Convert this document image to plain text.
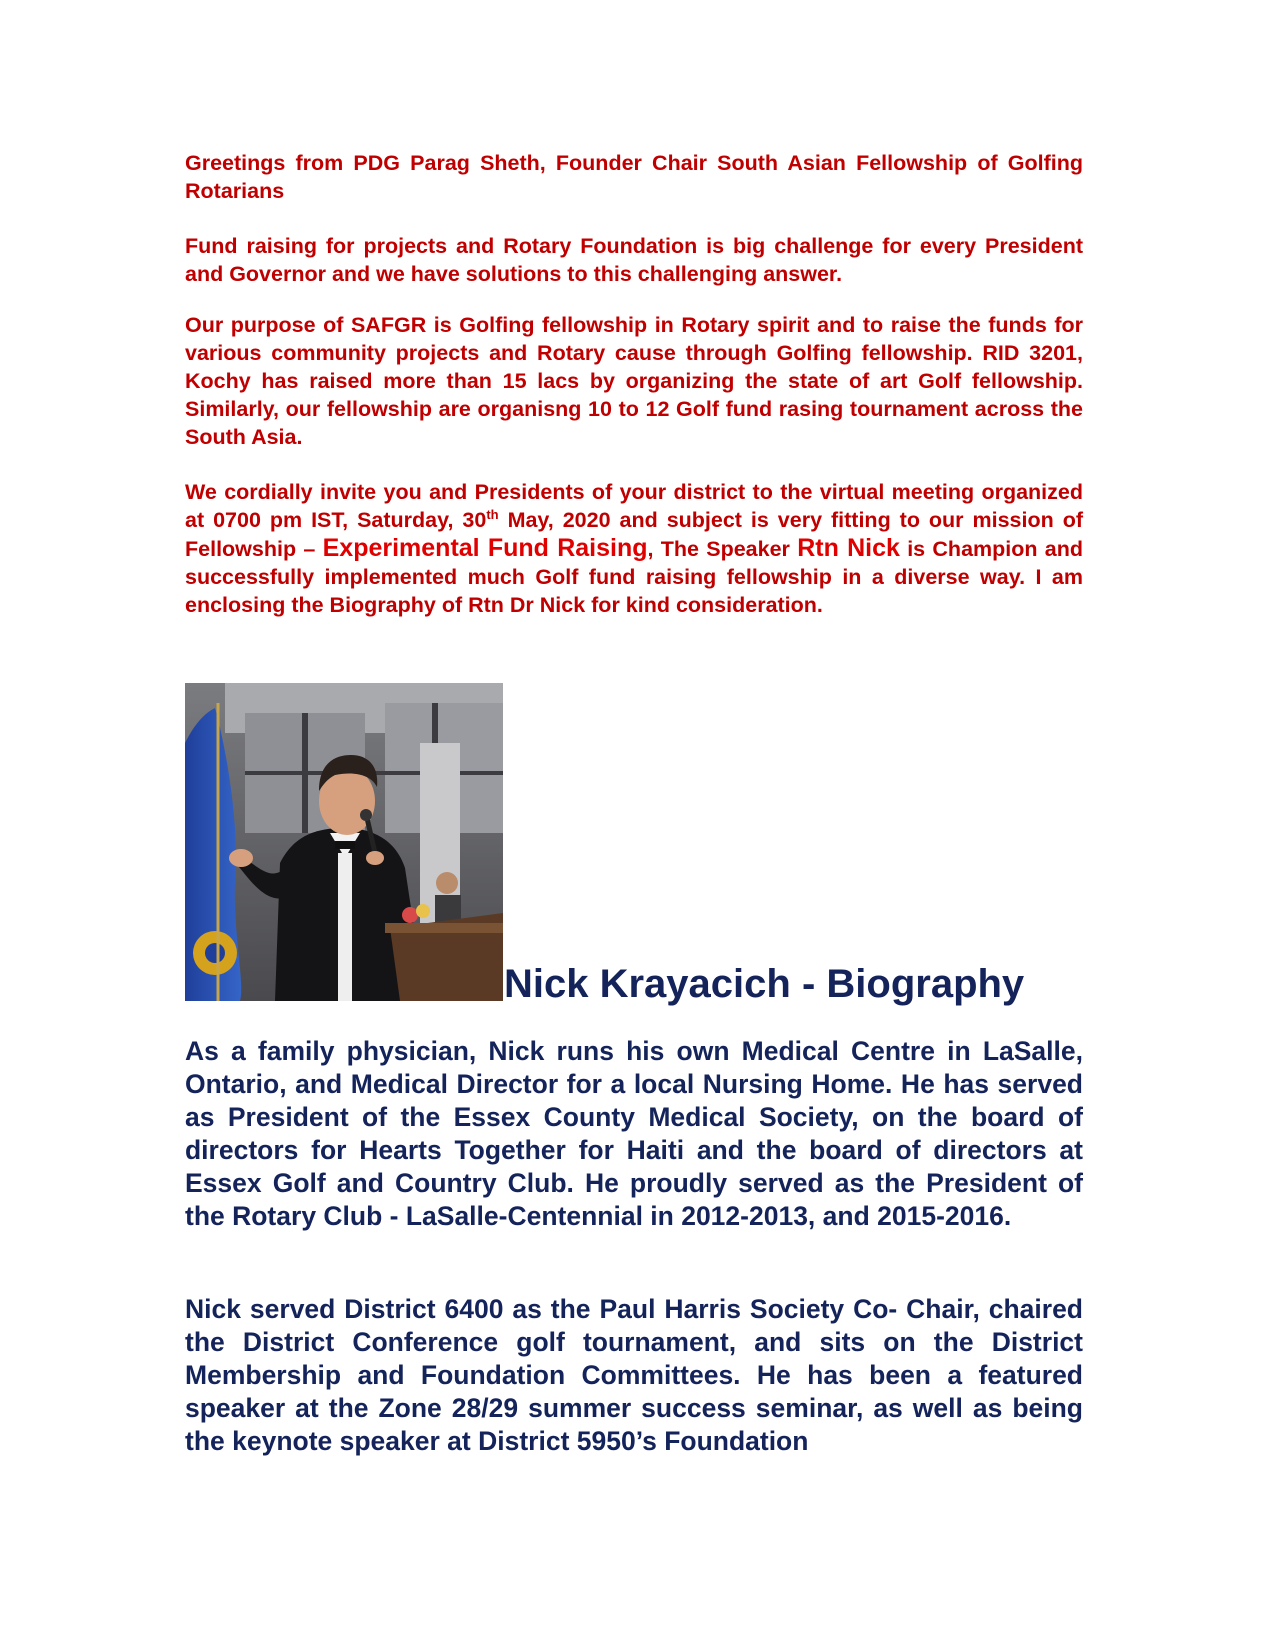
Greetings from PDG Parag Sheth, Founder Chair South Asian Fellowship of Golfing Rotarians

Fund raising for projects and Rotary Foundation is big challenge for every President and Governor and we have solutions to this challenging answer.

Our purpose of SAFGR is Golfing fellowship in Rotary spirit and to raise the funds for various community projects and Rotary cause through Golfing fellowship. RID 3201, Kochy has raised more than 15 lacs by organizing the state of art Golf fellowship. Similarly, our fellowship are organisng 10 to 12 Golf fund rasing tournament across the South Asia.

We cordially invite you and Presidents of your district to the virtual meeting organized at 0700 pm IST, Saturday, 30th May, 2020 and subject is very fitting to our mission of Fellowship – Experimental Fund Raising, The Speaker Rtn Nick is Champion and successfully implemented much Golf fund raising fellowship in a diverse way. I am enclosing the Biography of Rtn Dr Nick for kind consideration.

Nick Krayacich - Biography

As a family physician, Nick runs his own Medical Centre in LaSalle, Ontario, and Medical Director for a local Nursing Home. He has served as President of the Essex County Medical Society, on the board of directors for Hearts Together for Haiti and the board of directors at Essex Golf and Country Club. He proudly served as the President of the Rotary Club - LaSalle-Centennial in 2012-2013, and 2015-2016.

Nick served District 6400 as the Paul Harris Society Co- Chair, chaired the District Conference golf tournament, and sits on the District Membership and Foundation Committees. He has been a featured speaker at the Zone 28/29 summer success seminar, as well as being the keynote speaker at District 5950’s Foundation
